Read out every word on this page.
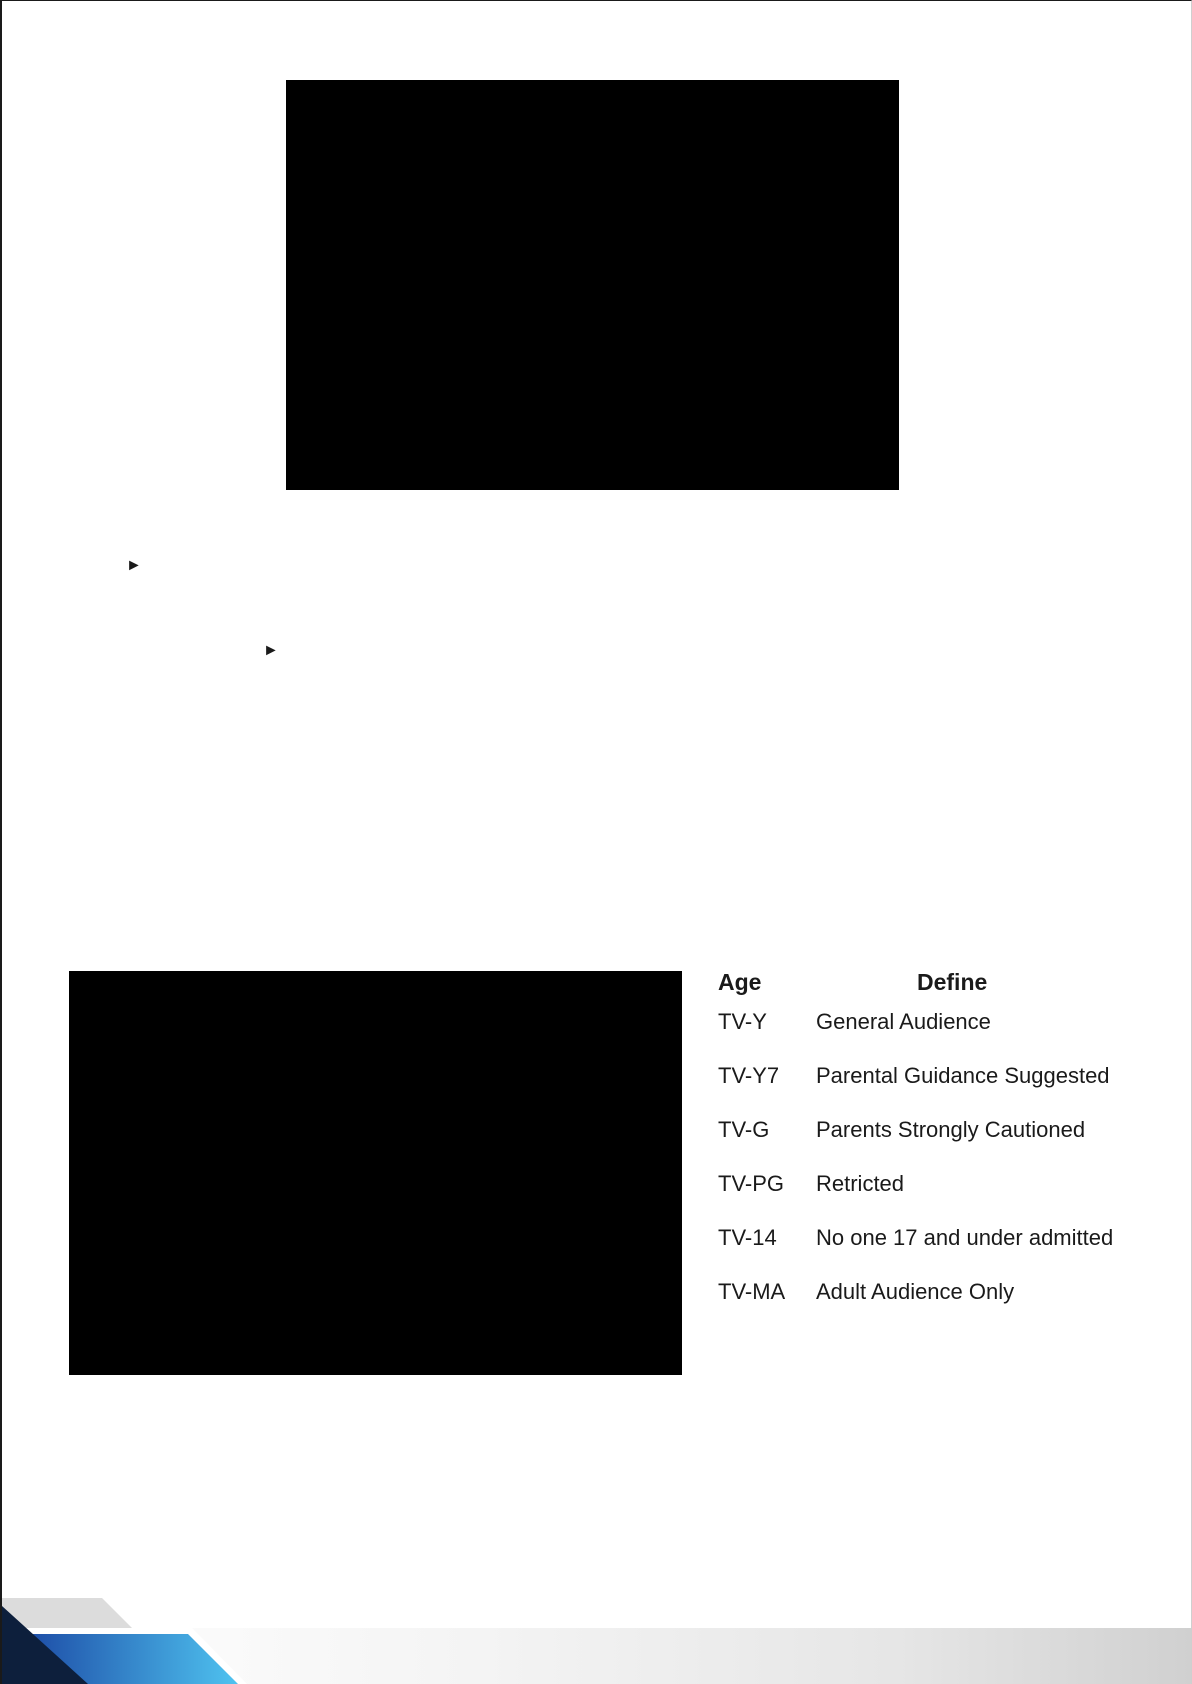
►
►
Age	Define
TV-Y General Audience
TV-Y7 Parental Guidance Suggested
TV-G Parents Strongly Cautioned
TV-PG Retricted
TV-14 No one 17 and under admitted
TV-MA Adult Audience Only
